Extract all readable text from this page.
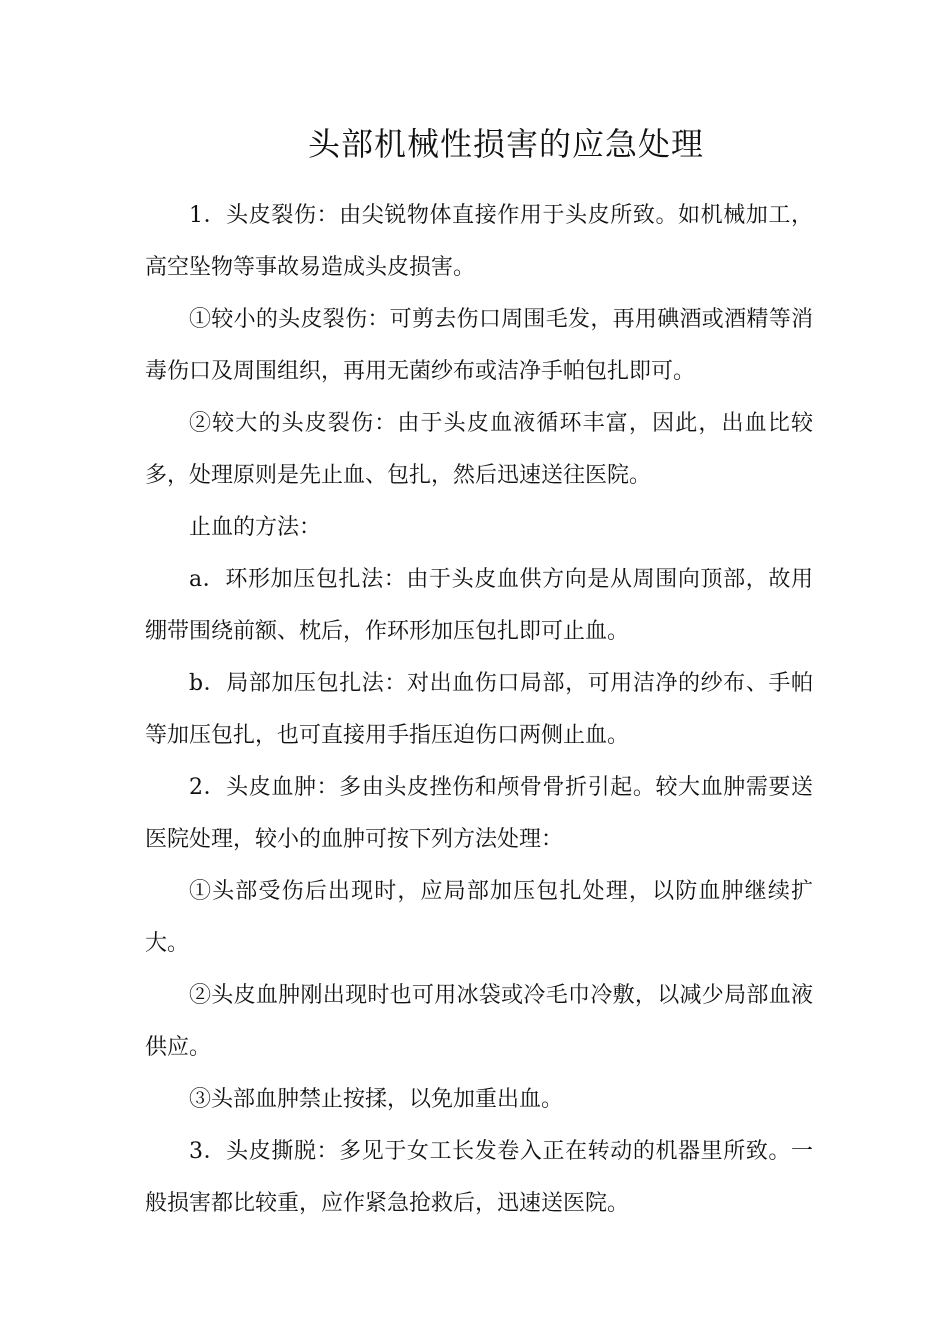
头部机械性损害的应急处理

1．头皮裂伤：由尖锐物体直接作用于头皮所致。如机械加工，高空坠物等事故易造成头皮损害。

①较小的头皮裂伤：可剪去伤口周围毛发，再用碘酒或酒精等消毒伤口及周围组织，再用无菌纱布或洁净手帕包扎即可。

②较大的头皮裂伤：由于头皮血液循环丰富，因此，出血比较多，处理原则是先止血、包扎，然后迅速送往医院。

止血的方法：

a．环形加压包扎法：由于头皮血供方向是从周围向顶部，故用绷带围绕前额、枕后，作环形加压包扎即可止血。

b．局部加压包扎法：对出血伤口局部，可用洁净的纱布、手帕等加压包扎，也可直接用手指压迫伤口两侧止血。

2．头皮血肿：多由头皮挫伤和颅骨骨折引起。较大血肿需要送医院处理，较小的血肿可按下列方法处理：

①头部受伤后出现时，应局部加压包扎处理，以防血肿继续扩大。

②头皮血肿刚出现时也可用冰袋或冷毛巾冷敷，以减少局部血液供应。

③头部血肿禁止按揉，以免加重出血。

3．头皮撕脱：多见于女工长发卷入正在转动的机器里所致。一般损害都比较重，应作紧急抢救后，迅速送医院。
